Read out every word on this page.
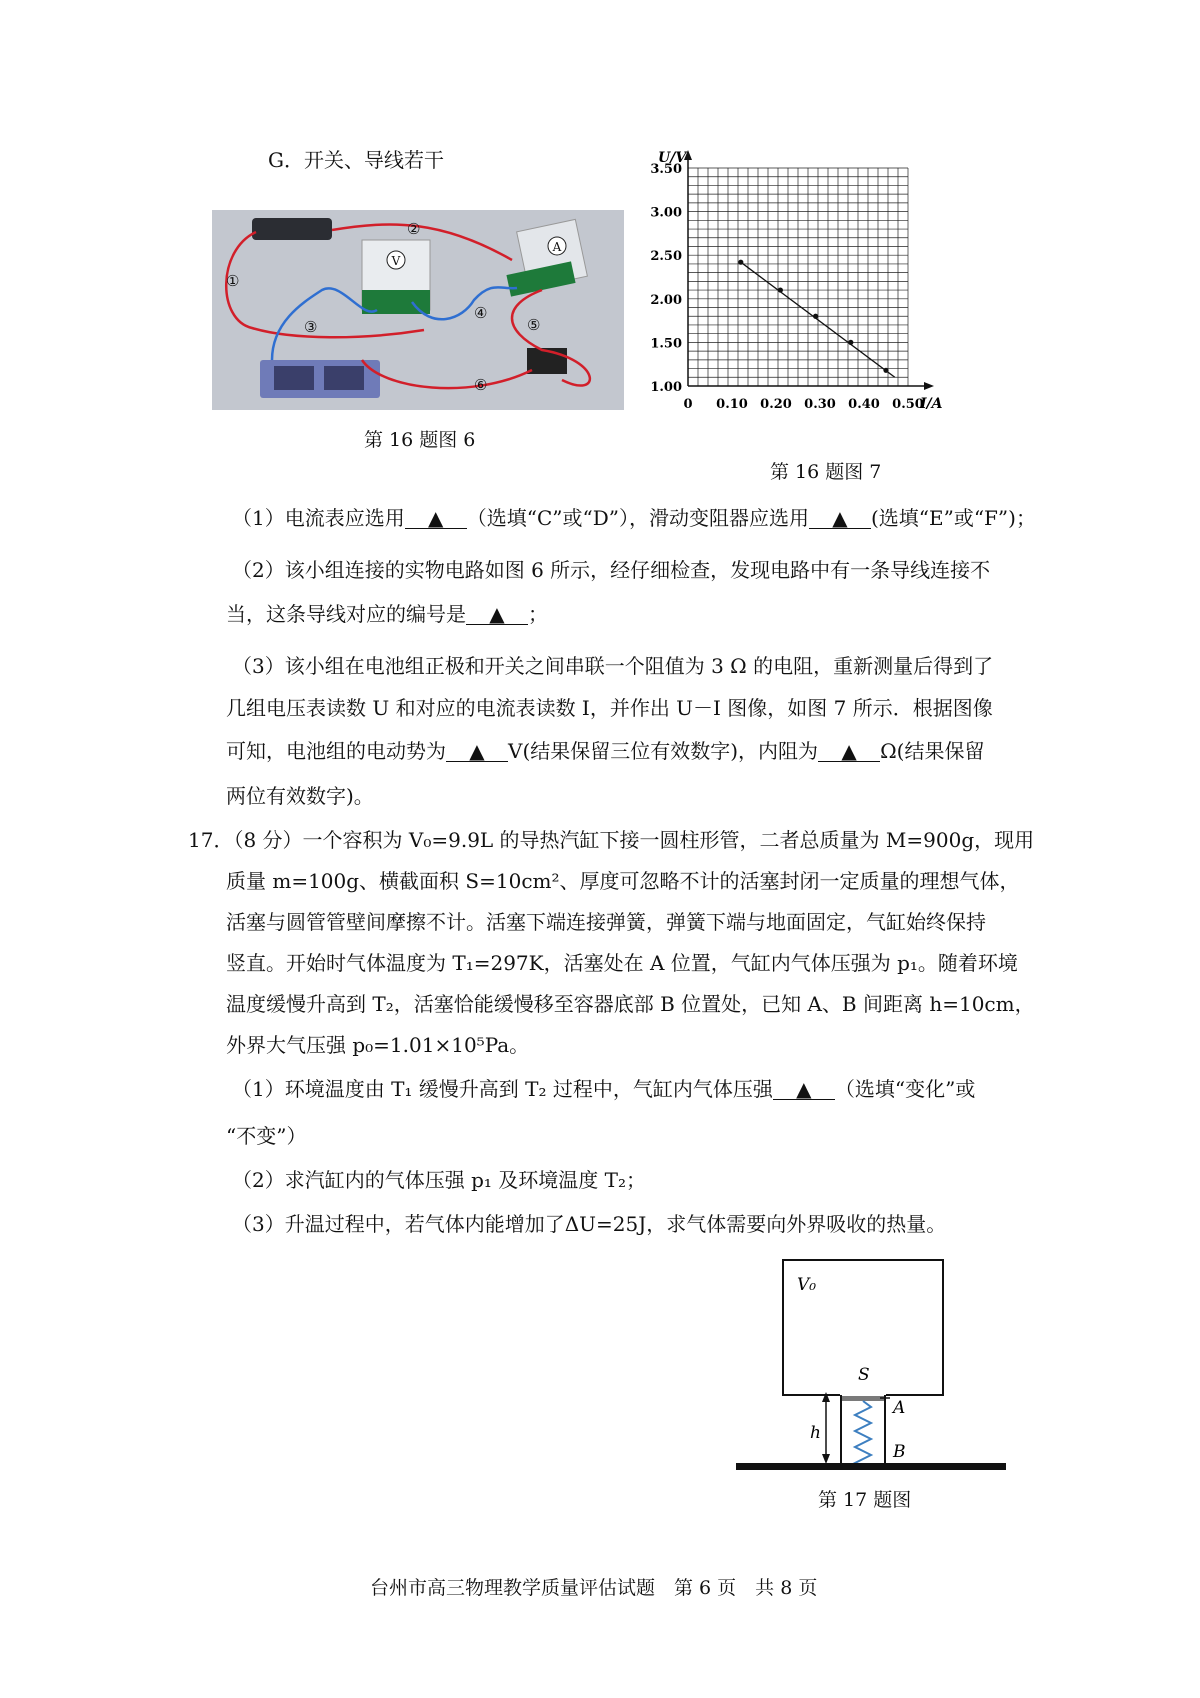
G．开关、导线若干
V
A
①
②
③
④
⑤
⑥
第 16 题图 6
3.50
3.00
2.50
2.00
1.50
1.00
0 0.10 0.20 0.30 0.40 0.50
U/V
I/A
第 16 题图 7
（1）电流表应选用 ▲ （选填“C”或“D”），滑动变阻器应选用 ▲ (选填“E”或“F”)；
（2）该小组连接的实物电路如图 6 所示，经仔细检查，发现电路中有一条导线连接不
当，这条导线对应的编号是 ▲ ；
（3）该小组在电池组正极和开关之间串联一个阻值为 3 Ω 的电阻，重新测量后得到了
几组电压表读数 U 和对应的电流表读数 I，并作出 U－I 图像，如图 7 所示．根据图像
可知，电池组的电动势为 ▲ V(结果保留三位有效数字)，内阻为 ▲ Ω(结果保留
两位有效数字)。
17．（8 分）一个容积为 V₀=9.9L 的导热汽缸下接一圆柱形管，二者总质量为 M=900g，现用
质量 m=100g、横截面积 S=10cm²、厚度可忽略不计的活塞封闭一定质量的理想气体，
活塞与圆管管壁间摩擦不计。活塞下端连接弹簧，弹簧下端与地面固定，气缸始终保持
竖直。开始时气体温度为 T₁=297K，活塞处在 A 位置，气缸内气体压强为 p₁。随着环境
温度缓慢升高到 T₂，活塞恰能缓慢移至容器底部 B 位置处，已知 A、B 间距离 h=10cm，
外界大气压强 p₀=1.01×10⁵Pa。
（1）环境温度由 T₁ 缓慢升高到 T₂ 过程中，气缸内气体压强 ▲ （选填“变化”或
“不变”）
（2）求汽缸内的气体压强 p₁ 及环境温度 T₂；
（3）升温过程中，若气体内能增加了ΔU=25J，求气体需要向外界吸收的热量。
V₀
S
h
A
B
第 17 题图
台州市高三物理教学质量评估试题　第 6 页　共 8 页
